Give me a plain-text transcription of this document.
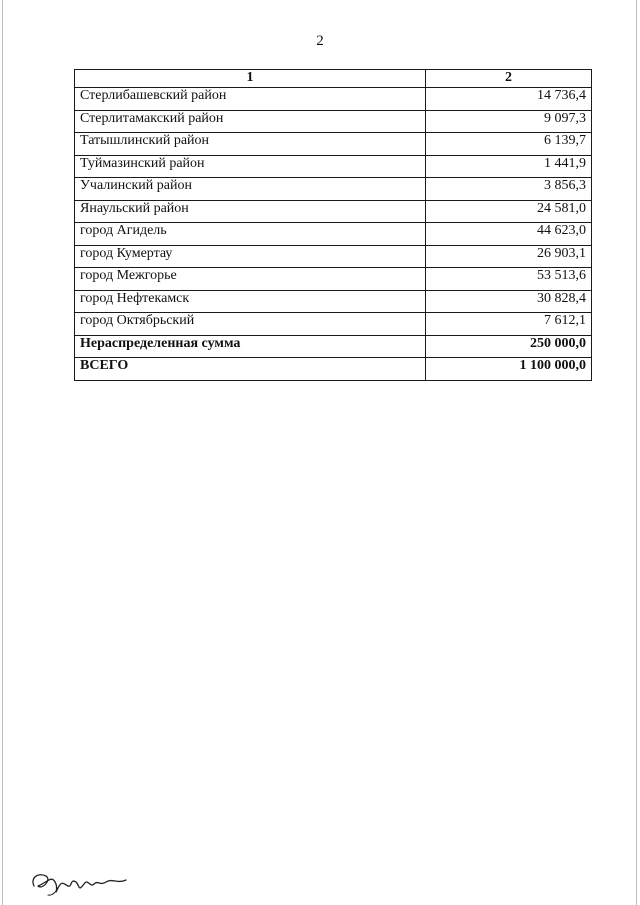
2
1	2
Стерлибашевский район	14 736,4
Стерлитамакский район	9 097,3
Татышлинский район	6 139,7
Туймазинский район	1 441,9
Учалинский район	3 856,3
Янаульский район	24 581,0
город Агидель	44 623,0
город Кумертау	26 903,1
город Межгорье	53 513,6
город Нефтекамск	30 828,4
город Октябрьский	7 612,1
Нераспределенная сумма	250 000,0
ВСЕГО	1 100 000,0
